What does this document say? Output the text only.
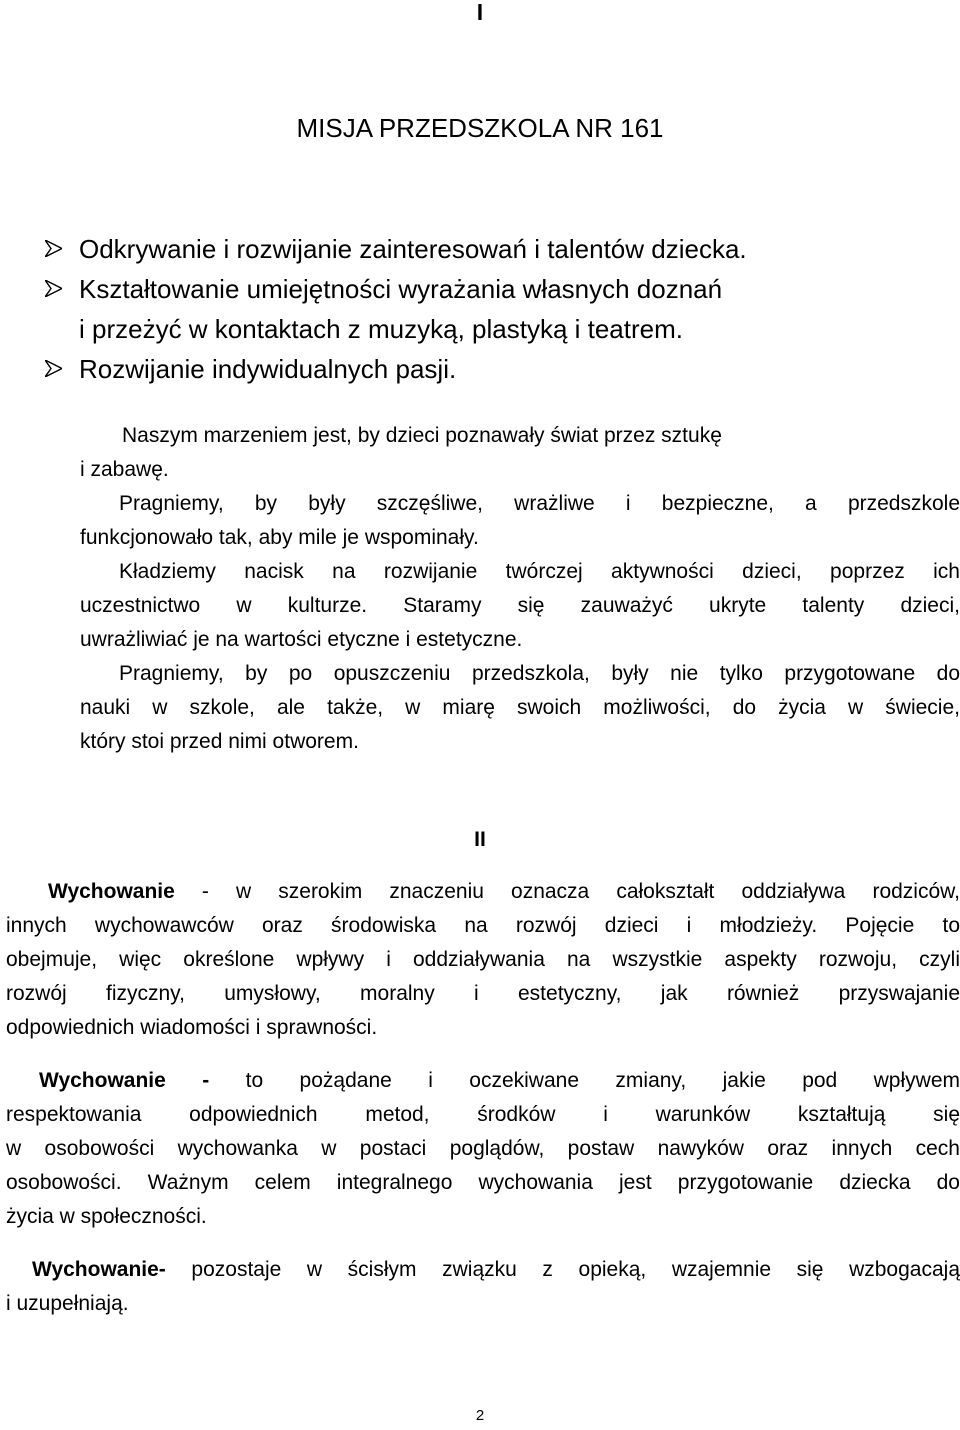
I
MISJA PRZEDSZKOLA NR 161
Odkrywanie i rozwijanie zainteresowań i talentów dziecka.
Kształtowanie umiejętności wyrażania własnych doznań
i przeżyć w kontaktach z muzyką, plastyką i teatrem.
Rozwijanie indywidualnych pasji.

Naszym marzeniem jest, by dzieci poznawały świat przez sztukę

i zabawę.

Pragniemy, by były szczęśliwe, wrażliwe i bezpieczne, a przedszkole

funkcjonowało tak, aby mile je wspominały.

Kładziemy nacisk na rozwijanie twórczej aktywności dzieci, poprzez ich

uczestnictwo w kulturze. Staramy się zauważyć ukryte talenty dzieci,

uwrażliwiać je na wartości etyczne i estetyczne.

Pragniemy, by po opuszczeniu przedszkola, były nie tylko przygotowane do

nauki w szkole, ale także, w miarę swoich możliwości, do życia w świecie,

który stoi przed nimi otworem.

II

Wychowanie - w szerokim znaczeniu oznacza całokształt oddziaływa rodziców,

innych wychowawców oraz środowiska na rozwój dzieci i młodzieży. Pojęcie to

obejmuje, więc określone wpływy i oddziaływania na wszystkie aspekty rozwoju, czyli

rozwój fizyczny, umysłowy, moralny i estetyczny, jak również przyswajanie

odpowiednich wiadomości i sprawności.

Wychowanie - to pożądane i oczekiwane zmiany, jakie pod wpływem

respektowania odpowiednich metod, środków i warunków kształtują się

w osobowości wychowanka w postaci poglądów, postaw nawyków oraz innych cech

osobowości. Ważnym celem integralnego wychowania jest przygotowanie dziecka do

życia w społeczności.

Wychowanie- pozostaje w ścisłym związku z opieką, wzajemnie się wzbogacają

i uzupełniają.

2
